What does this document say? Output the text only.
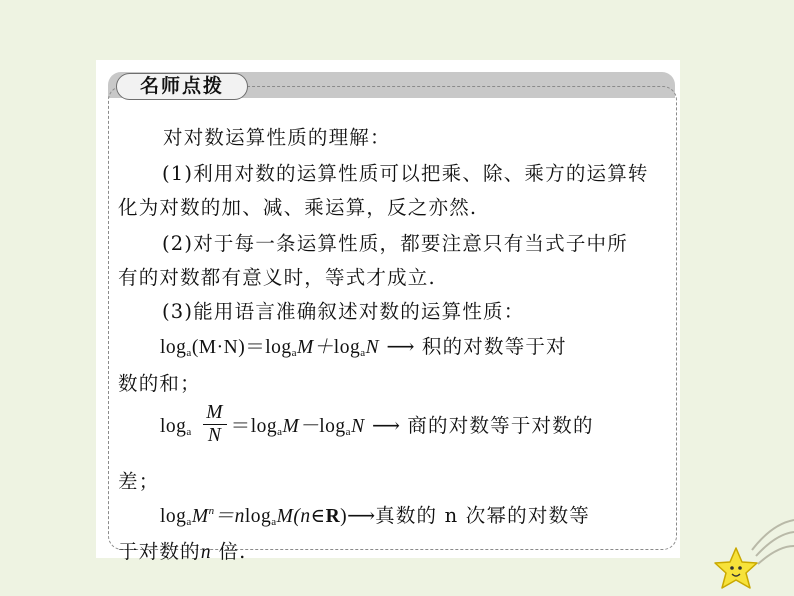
名师点拨
对对数运算性质的理解：
(1)利用对数的运算性质可以把乘、除、乘方的运算转
化为对数的加、减、乘运算，反之亦然.
(2)对于每一条运算性质，都要注意只有当式子中所
有的对数都有意义时，等式才成立.
(3)能用语言准确叙述对数的运算性质：
$\log_a(M\cdot N)=\log_aM+\log_aN$ ⟶ 积的对数等于对
数的和；
$\log_a \frac{M}{N} =\log_aM-\log_aN$ ⟶ 商的对数等于对数的
差；
$\log_aM^n=nlog_aM(n\in R)⟶$真数的 n 次幂的对数等
于对数的n 倍.
